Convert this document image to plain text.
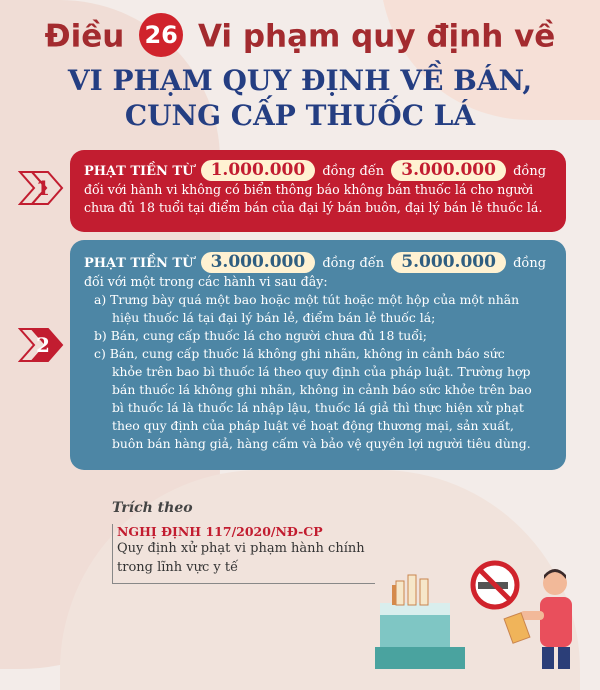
Điều 26 Vi phạm quy định về
VI PHẠM QUY ĐỊNH VỀ BÁN,
CUNG CẤP THUỐC LÁ
1
PHẠT TIỀN TỪ 1.000.000 đồng đến 3.000.000 đồng
đối với hành vi không có biển thông báo không bán thuốc lá cho người
chưa đủ 18 tuổi tại điểm bán của đại lý bán buôn, đại lý bán lẻ thuốc lá.
2
PHẠT TIỀN TỪ 3.000.000 đồng đến 5.000.000 đồng
đối với một trong các hành vi sau đây:
a) Trưng bày quá một bao hoặc một tút hoặc một hộp của một nhãn
hiệu thuốc lá tại đại lý bán lẻ, điểm bán lẻ thuốc lá;
b) Bán, cung cấp thuốc lá cho người chưa đủ 18 tuổi;
c) Bán, cung cấp thuốc lá không ghi nhãn, không in cảnh báo sức
khỏe trên bao bì thuốc lá theo quy định của pháp luật. Trường hợp
bán thuốc lá không ghi nhãn, không in cảnh báo sức khỏe trên bao
bì thuốc lá là thuốc lá nhập lậu, thuốc lá giả thì thực hiện xử phạt
theo quy định của pháp luật về hoạt động thương mại, sản xuất,
buôn bán hàng giả, hàng cấm và bảo vệ quyền lợi người tiêu dùng.
Trích theo
NGHỊ ĐỊNH 117/2020/NĐ-CP
Quy định xử phạt vi phạm hành chính
trong lĩnh vực y tế
